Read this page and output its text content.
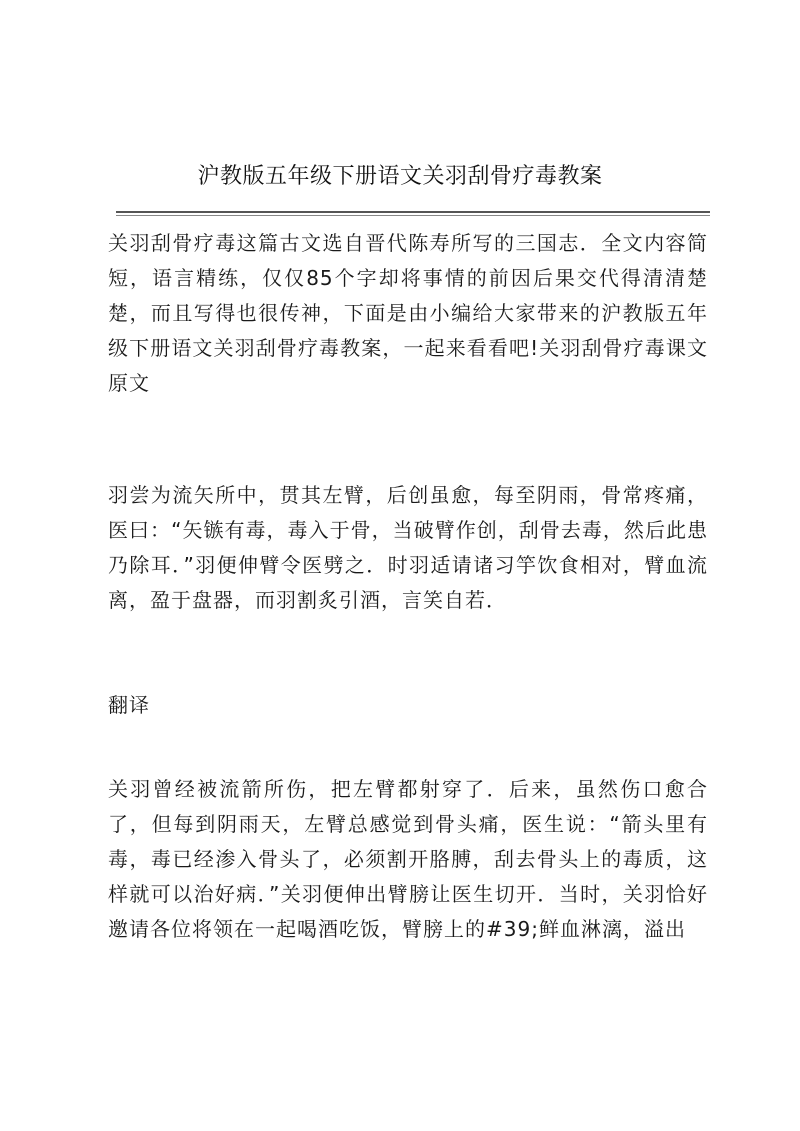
沪教版五年级下册语文关羽刮骨疗毒教案

关羽刮骨疗毒这篇古文选自晋代陈寿所写的三国志．全文内容简短，语言精练，仅仅85个字却将事情的前因后果交代得清清楚楚，而且写得也很传神，下面是由小编给大家带来的沪教版五年级下册语文关羽刮骨疗毒教案，一起来看看吧!关羽刮骨疗毒课文原文

羽尝为流矢所中，贯其左臂，后创虽愈，每至阴雨，骨常疼痛，医曰：“矢镞有毒，毒入于骨，当破臂作创，刮骨去毒，然后此患乃除耳．”羽便伸臂令医劈之．时羽适请诸习竽饮食相对，臂血流离，盈于盘器，而羽割炙引酒，言笑自若．

翻译

关羽曾经被流箭所伤，把左臂都射穿了．后来，虽然伤口愈合了，但每到阴雨天，左臂总感觉到骨头痛，医生说：“箭头里有毒，毒已经渗入骨头了，必须割开胳膊，刮去骨头上的毒质，这样就可以治好病．”关羽便伸出臂膀让医生切开．当时，关羽恰好邀请各位将领在一起喝酒吃饭，臂膀上的#39;鲜血淋漓，溢出
